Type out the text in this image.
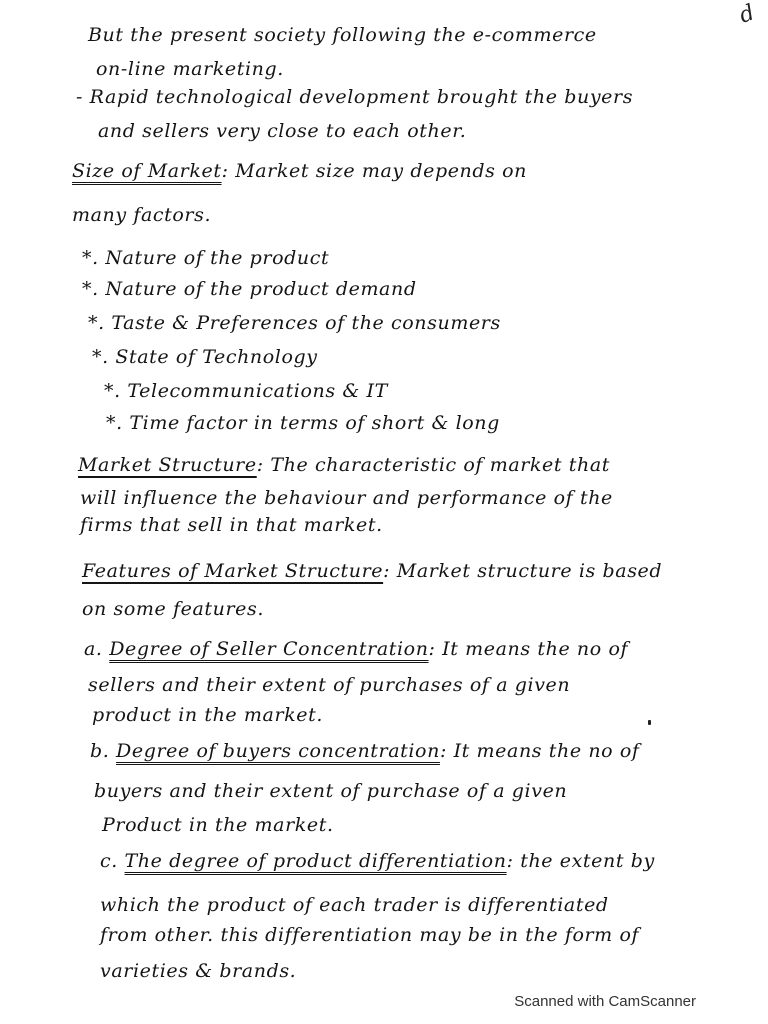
d
But the present society following the e-commerce
on-line marketing.
- Rapid technological development brought the buyers
and sellers very close to each other.
Size of Market: Market size may depends on
many factors.
*. Nature of the product
*. Nature of the product demand
*. Taste & Preferences of the consumers
*. State of Technology
*. Telecommunications & IT
*. Time factor in terms of short & long
Market Structure: The characteristic of market that
will influence the behaviour and performance of the
firms that sell in that market.
Features of Market Structure: Market structure is based
on some features.
a. Degree of Seller Concentration: It means the no of
sellers and their extent of purchases of a given
product in the market.
b. Degree of buyers concentration: It means the no of
buyers and their extent of purchase of a given
Product in the market.
c. The degree of product differentiation: the extent by
which the product of each trader is differentiated
from other. this differentiation may be in the form of
varieties & brands.
Scanned with CamScanner
